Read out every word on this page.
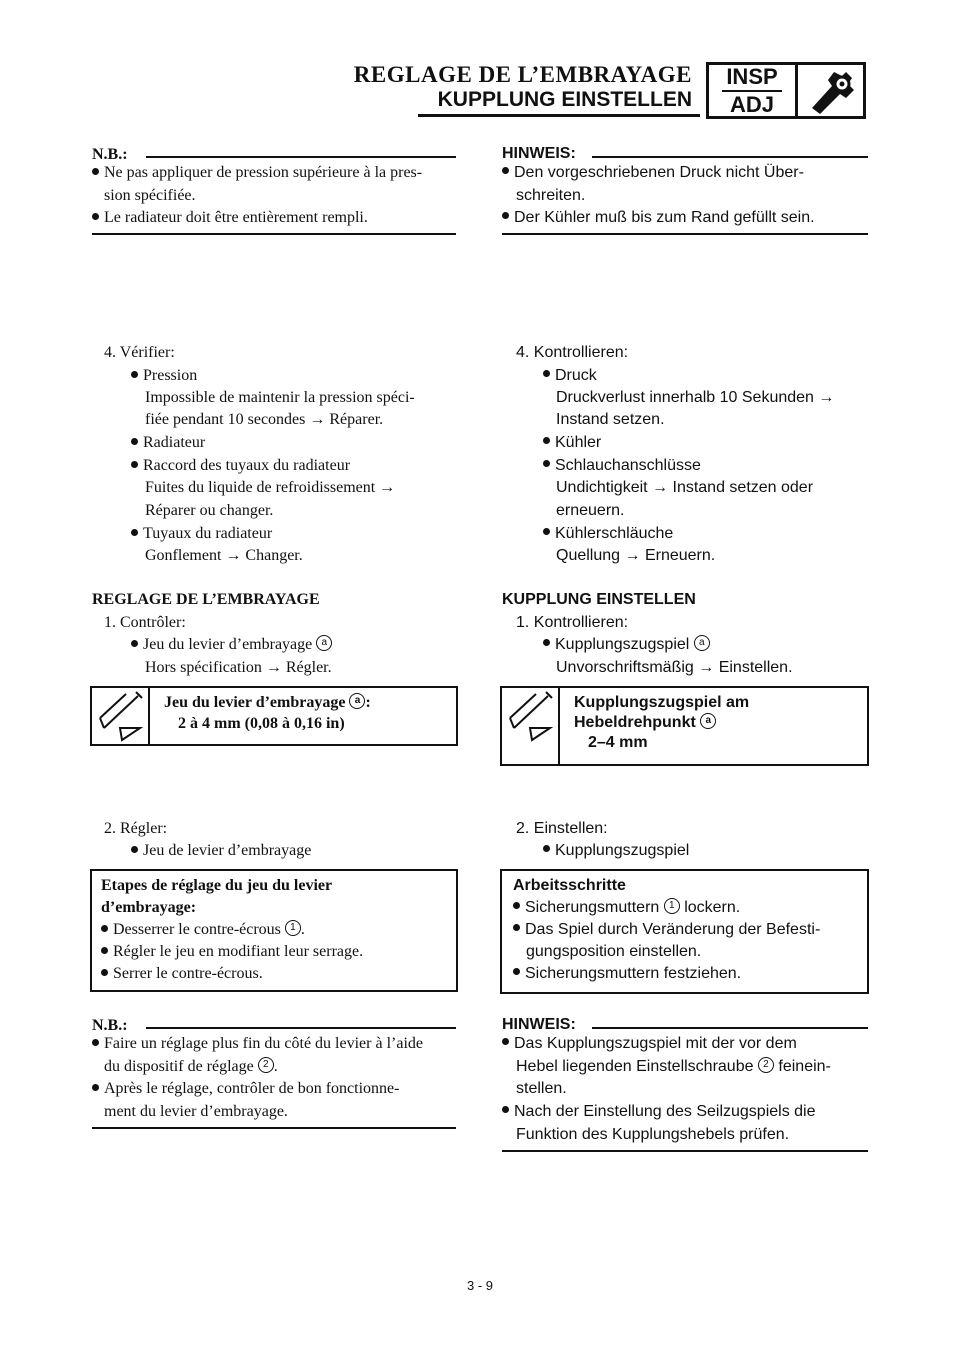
REGLAGE DE L’EMBRAYAGE
KUPPLUNG EINSTELLEN
INSP
ADJ
N.B.:
Ne pas appliquer de pression supérieure à la pres-
sion spécifiée.
Le radiateur doit être entièrement rempli.
4. Vérifier:
Pression
Impossible de maintenir la pression spéci-
fiée pendant 10 secondes → Réparer.
Radiateur
Raccord des tuyaux du radiateur
Fuites du liquide de refroidissement →
Réparer ou changer.
Tuyaux du radiateur
Gonflement → Changer.
REGLAGE DE L’EMBRAYAGE
1. Contrôler:
Jeu du levier d’embrayage a
Hors spécification → Régler.
Jeu du levier d’embrayage a :
2 à 4 mm (0,08 à 0,16 in)
2. Régler:
Jeu de levier d’embrayage
Etapes de réglage du jeu du levier
d’embrayage:
Desserrer le contre-écrous 1 .
Régler le jeu en modifiant leur serrage.
Serrer le contre-écrous.
N.B.:
Faire un réglage plus fin du côté du levier à l’aide
du dispositif de réglage 2 .
Après le réglage, contrôler de bon fonctionne-
ment du levier d’embrayage.
HINWEIS:
Den vorgeschriebenen Druck nicht Über-
schreiten.
Der Kühler muß bis zum Rand gefüllt sein.
4. Kontrollieren:
Druck
Druckverlust innerhalb 10 Sekunden →
Instand setzen.
Kühler
Schlauchanschlüsse
Undichtigkeit → Instand setzen oder
erneuern.
Kühlerschläuche
Quellung → Erneuern.
KUPPLUNG EINSTELLEN
1. Kontrollieren:
Kupplungszugspiel a
Unvorschriftsmäßig → Einstellen.
Kupplungszugspiel am
Hebeldrehpunkt a
2–4 mm
2. Einstellen:
Kupplungszugspiel
Arbeitsschritte
Sicherungsmuttern 1 lockern.
Das Spiel durch Veränderung der Befesti-
gungsposition einstellen.
Sicherungsmuttern festziehen.
HINWEIS:
Das Kupplungszugspiel mit der vor dem
Hebel liegenden Einstellschraube 2 feinein-
stellen.
Nach der Einstellung des Seilzugspiels die
Funktion des Kupplungshebels prüfen.
3 - 9
